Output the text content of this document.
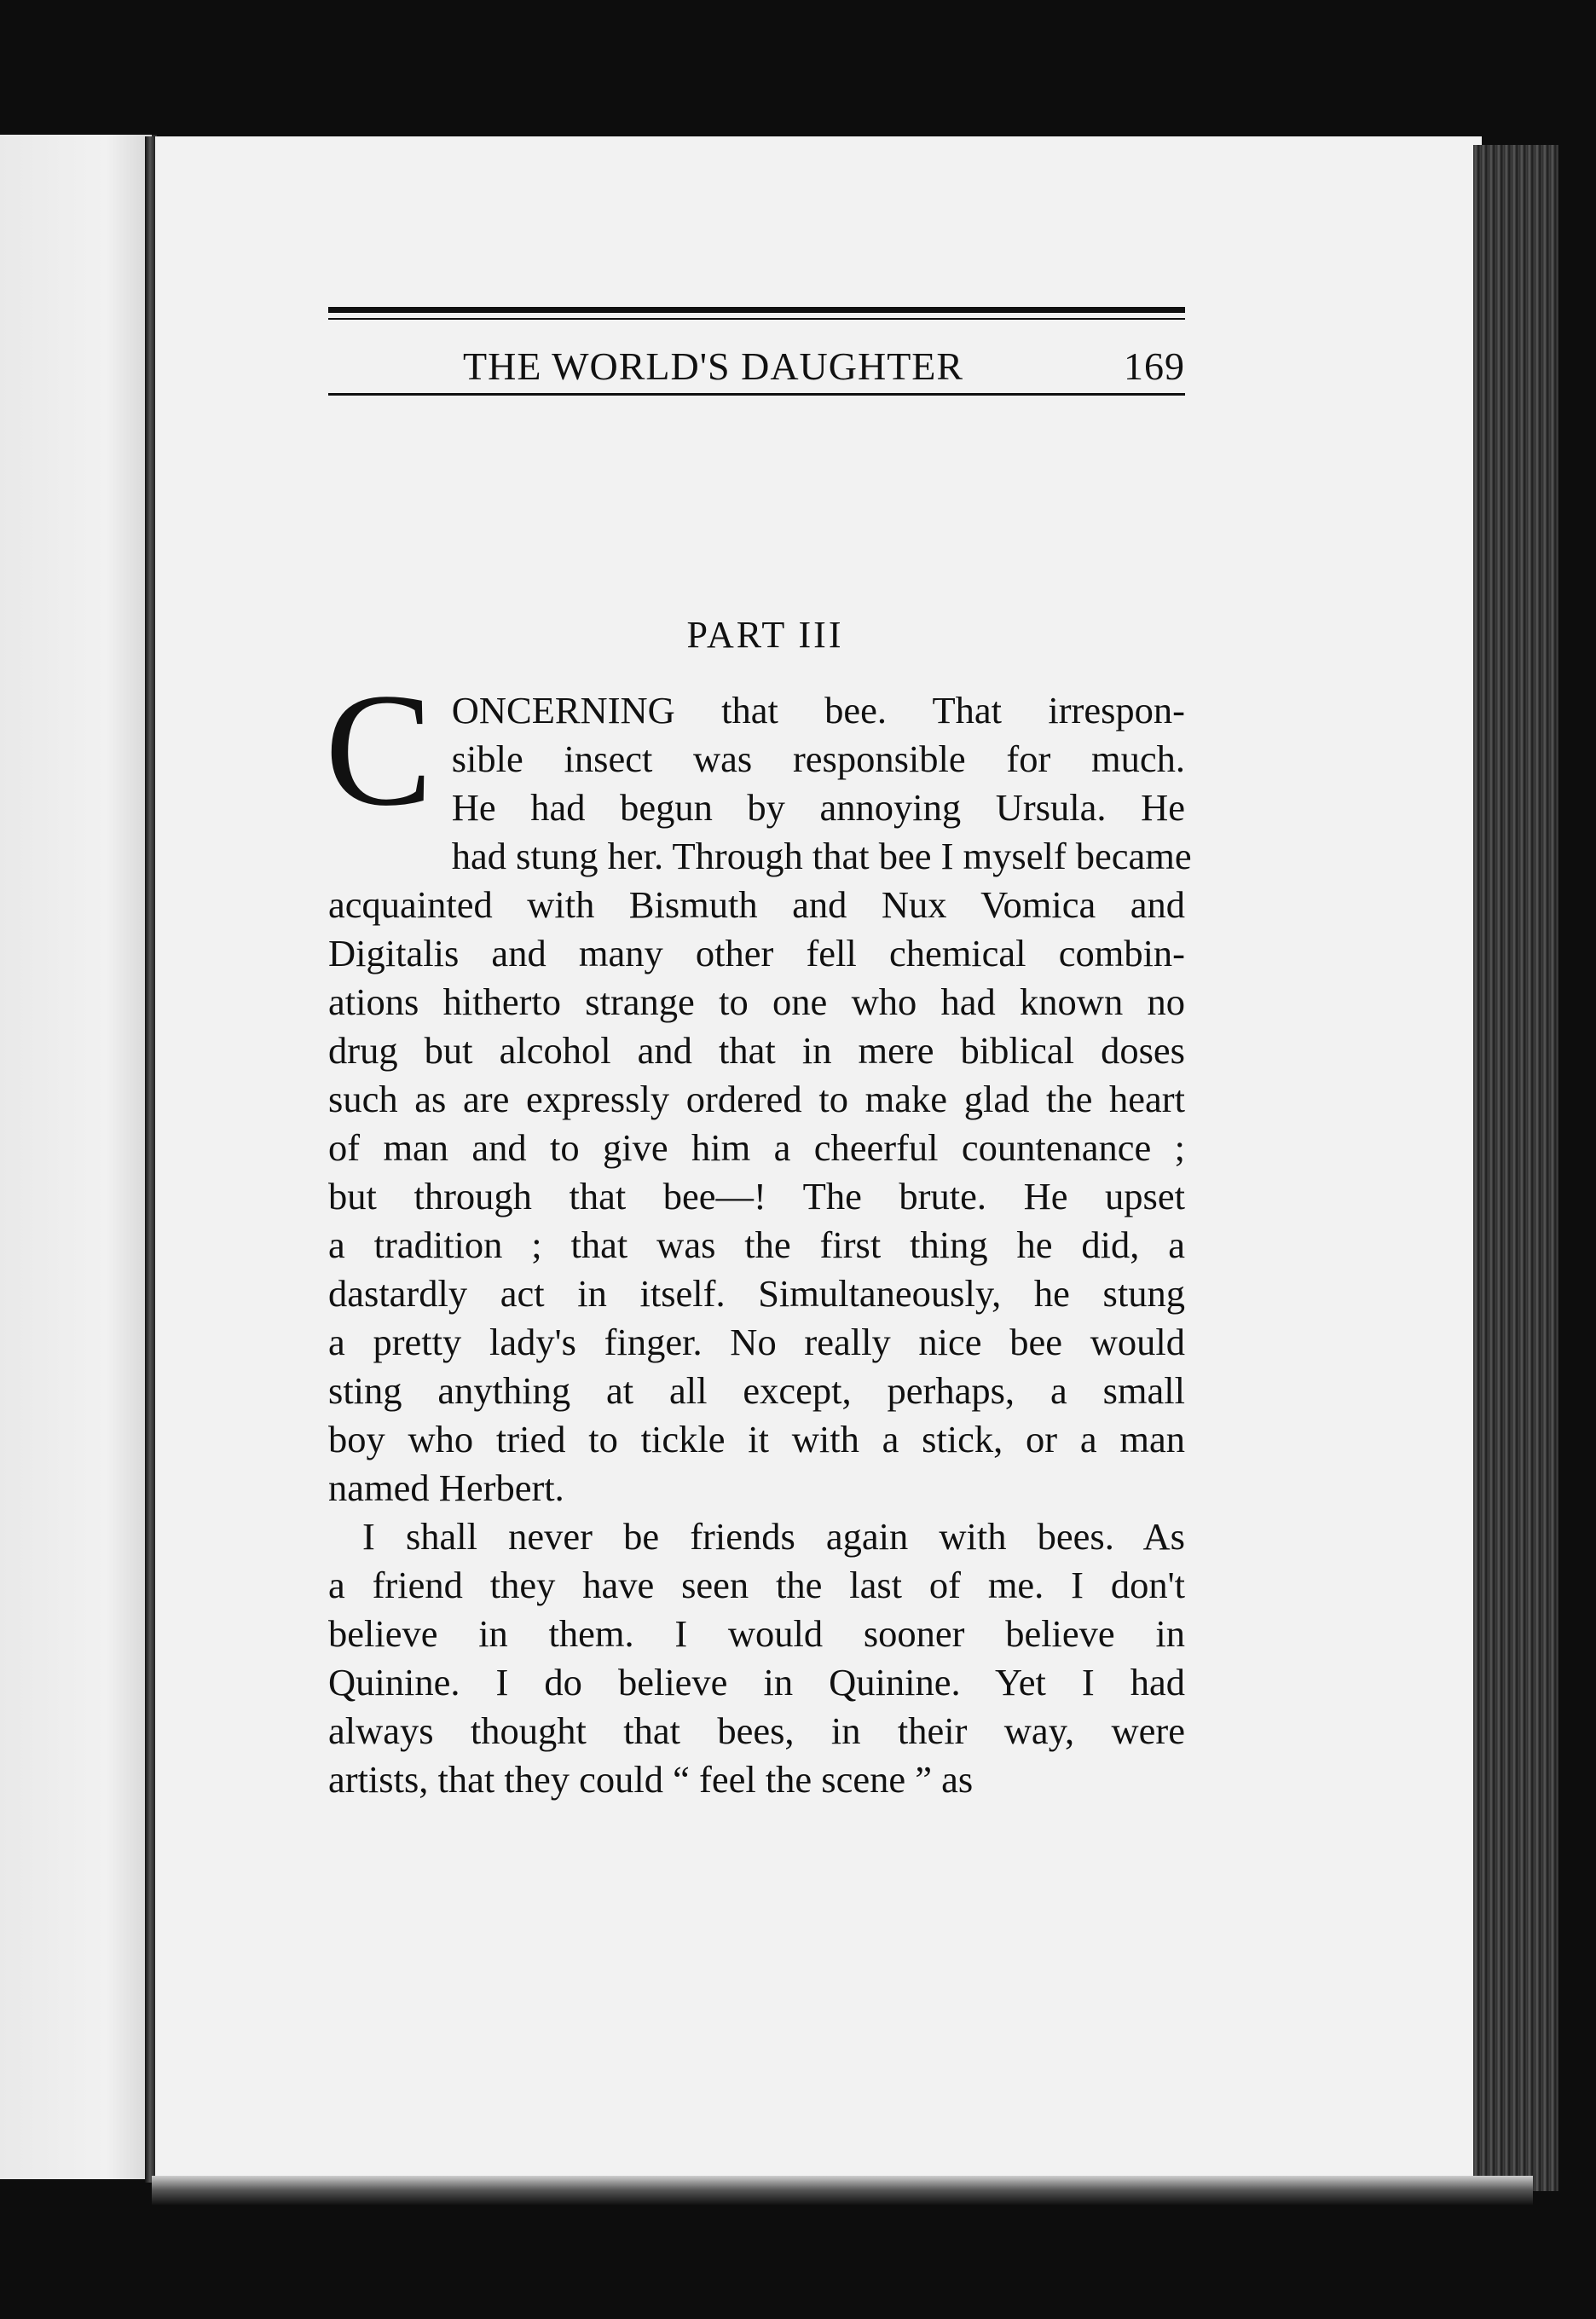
THE WORLD'S DAUGHTER	169
PART III

C ONCERNING that bee. That irrespon-
sible insect was responsible for much.
He had begun by annoying Ursula. He
had stung her. Through that bee I myself became
acquainted with Bismuth and Nux Vomica and
Digitalis and many other fell chemical combin-
ations hitherto strange to one who had known no
drug but alcohol and that in mere biblical doses
such as are expressly ordered to make glad the heart
of man and to give him a cheerful countenance ;
but through that bee—! The brute. He upset
a tradition ; that was the first thing he did, a
dastardly act in itself. Simultaneously, he stung
a pretty lady's finger. No really nice bee would
sting anything at all except, perhaps, a small
boy who tried to tickle it with a stick, or a man
named Herbert.

I shall never be friends again with bees. As
a friend they have seen the last of me. I don't
believe in them. I would sooner believe in
Quinine. I do believe in Quinine. Yet I had
always thought that bees, in their way, were
artists, that they could “ feel the scene ” as
